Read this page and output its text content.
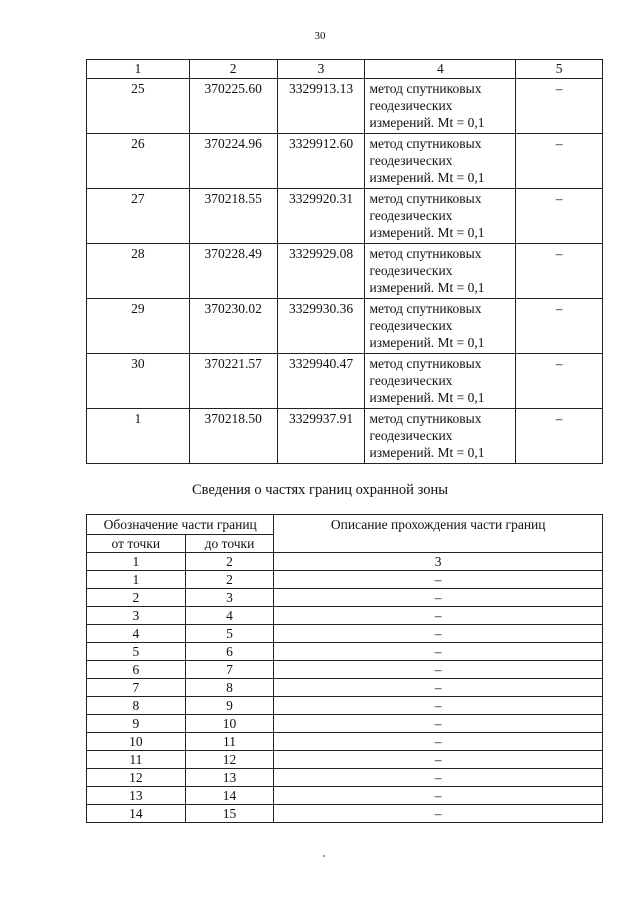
30
1	2	3	4	5
25	370225.60	3329913.13	метод спутниковых
геодезических
измерений. Mt = 0,1	–
26	370224.96	3329912.60	метод спутниковых
геодезических
измерений. Mt = 0,1	–
27	370218.55	3329920.31	метод спутниковых
геодезических
измерений. Mt = 0,1	–
28	370228.49	3329929.08	метод спутниковых
геодезических
измерений. Mt = 0,1	–
29	370230.02	3329930.36	метод спутниковых
геодезических
измерений. Mt = 0,1	–
30	370221.57	3329940.47	метод спутниковых
геодезических
измерений. Mt = 0,1	–
1	370218.50	3329937.91	метод спутниковых
геодезических
измерений. Mt = 0,1	–
Сведения о частях границ охранной зоны
Обозначение части границ		Описание прохождения части границ
от точки	до точки	
1	2	3
1	2	–
2	3	–
3	4	–
4	5	–
5	6	–
6	7	–
7	8	–
8	9	–
9	10	–
10	11	–
11	12	–
12	13	–
13	14	–
14	15	–
